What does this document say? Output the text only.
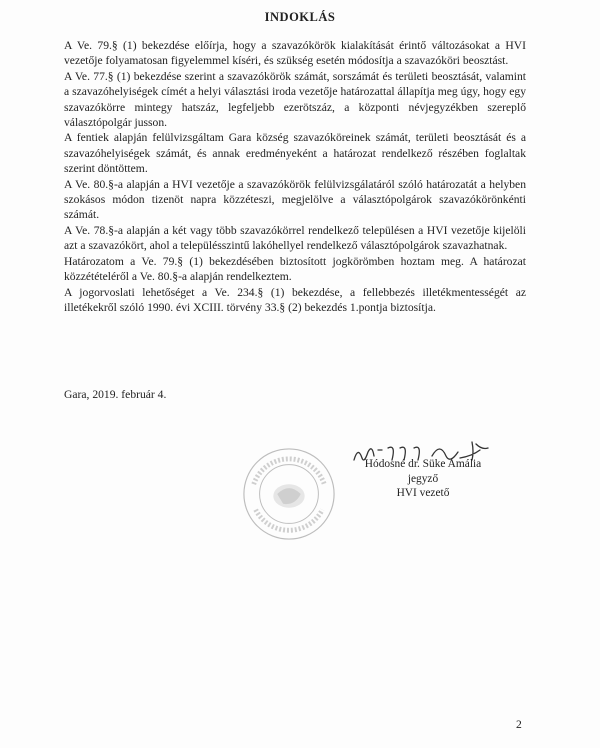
INDOKLÁS

A Ve. 79.§ (1) bekezdése előírja, hogy a szavazókörök kialakítását érintő változásokat a HVI vezetője folyamatosan figyelemmel kíséri, és szükség esetén módosítja a szavazóköri beosztást.

A Ve. 77.§ (1) bekezdése szerint a szavazókörök számát, sorszámát és területi beosztását, valamint a szavazóhelyiségek címét a helyi választási iroda vezetője határozattal állapítja meg úgy, hogy egy szavazókörre mintegy hatszáz, legfeljebb ezerötszáz, a központi névjegyzékben szereplő választópolgár jusson.

A fentiek alapján felülvizsgáltam Gara község szavazóköreinek számát, területi beosztását és a szavazóhelyiségek számát, és annak eredményeként a határozat rendelkező részében foglaltak szerint döntöttem.

A Ve. 80.§-a alapján a HVI vezetője a szavazókörök felülvizsgálatáról szóló határozatát a helyben szokásos módon tizenöt napra közzéteszi, megjelölve a választópolgárok szavazókörönkénti számát.

A Ve. 78.§-a alapján a két vagy több szavazókörrel rendelkező településen a HVI vezetője kijelöli azt a szavazókört, ahol a településszintű lakóhellyel rendelkező választópolgárok szavazhatnak.

Határozatom a Ve. 79.§ (1) bekezdésében biztosított jogkörömben hoztam meg. A határozat közzétételéről a Ve. 80.§-a alapján rendelkeztem.

A jogorvoslati lehetőséget a Ve. 234.§ (1) bekezdése, a fellebbezés illetékmentességét az illetékekről szóló 1990. évi XCIII. törvény 33.§ (2) bekezdés 1.pontja biztosítja.

Gara, 2019. február 4.
Hódosné dr. Süke Amália
jegyző
HVI vezető
2
